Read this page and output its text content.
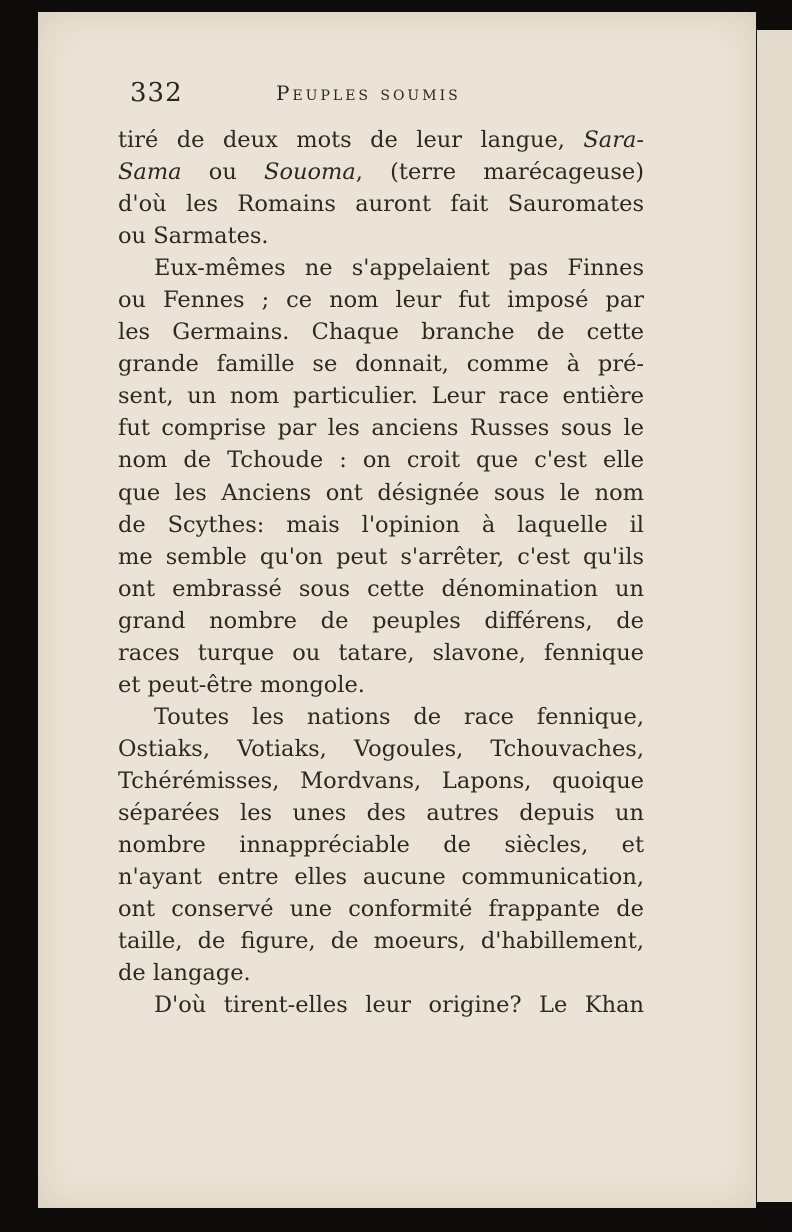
332	Peuples soumis
tiré de deux mots de leur langue, Sara-
Sama ou Souoma, (terre marécageuse)
d'où les Romains auront fait Sauromates
ou Sarmates.
Eux-mêmes ne s'appelaient pas Finnes
ou Fennes ; ce nom leur fut imposé par
les Germains. Chaque branche de cette
grande famille se donnait, comme à pré-
sent, un nom particulier. Leur race entière
fut comprise par les anciens Russes sous le
nom de Tchoude : on croit que c'est elle
que les Anciens ont désignée sous le nom
de Scythes: mais l'opinion à laquelle il
me semble qu'on peut s'arrêter, c'est qu'ils
ont embrassé sous cette dénomination un
grand nombre de peuples différens, de
races turque ou tatare, slavone, fennique
et peut-être mongole.
Toutes les nations de race fennique,
Ostiaks, Votiaks, Vogoules, Tchouvaches,
Tchérémisses, Mordvans, Lapons, quoique
séparées les unes des autres depuis un
nombre innappréciable de siècles, et
n'ayant entre elles aucune communication,
ont conservé une conformité frappante de
taille, de figure, de moeurs, d'habillement,
de langage.
D'où tirent-elles leur origine? Le Khan
